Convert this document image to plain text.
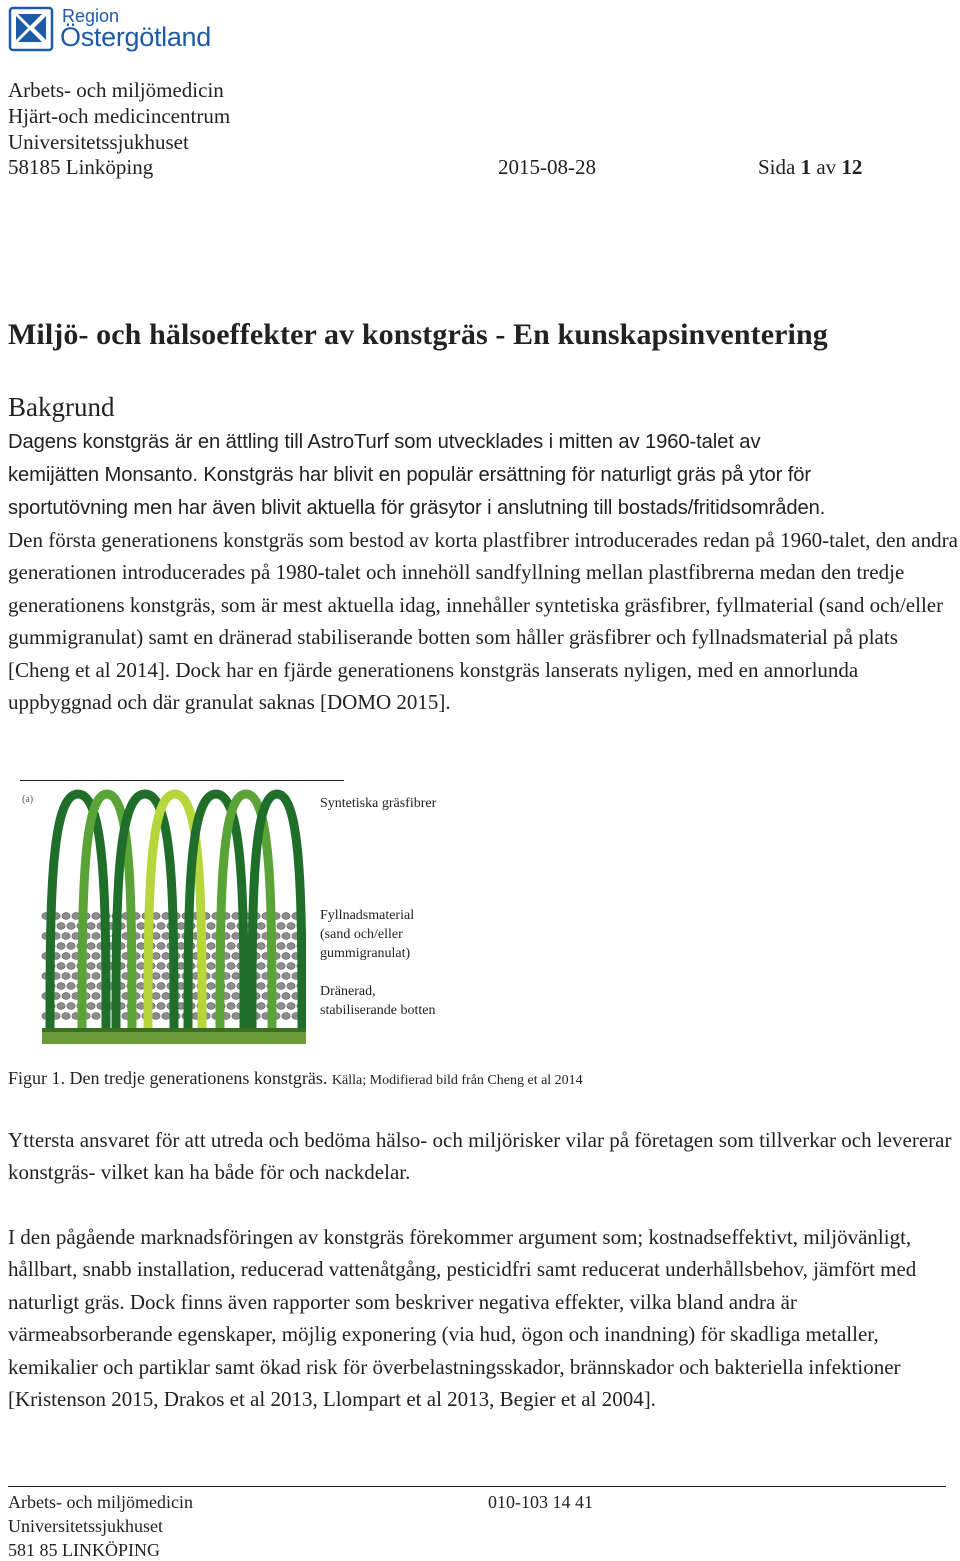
Region
Östergötland
Arbets- och miljömedicin
Hjärt-och medicincentrum
Universitetssjukhuset
58185 Linköping	2015-08-28	Sida 1 av 12
Miljö- och hälsoeffekter av konstgräs - En kunskapsinventering
Bakgrund
Dagens konstgräs är en ättling till AstroTurf som utvecklades i mitten av 1960-talet av
kemijätten Monsanto. Konstgräs har blivit en populär ersättning för naturligt gräs på ytor för
sportutövning men har även blivit aktuella för gräsytor i anslutning till bostads/fritidsområden.
Den första generationens konstgräs som bestod av korta plastfibrer introducerades redan på 1960-talet, den andra generationen introducerades på 1980-talet och innehöll sandfyllning mellan plastfibrerna medan den tredje generationens konstgräs, som är mest aktuella idag, innehåller syntetiska gräsfibrer, fyllmaterial (sand och/eller gummigranulat) samt en dränerad stabiliserande botten som håller gräsfibrer och fyllnadsmaterial på plats [Cheng et al 2014]. Dock har en fjärde generationens konstgräs lanserats nyligen, med en annorlunda uppbyggnad och där granulat saknas [DOMO 2015].
(a)	Syntetiska gräsfibrer
Fyllnadsmaterial
(sand och/eller
gummigranulat)
Dränerad,
stabiliserande botten
Figur 1. Den tredje generationens konstgräs. Källa; Modifierad bild från Cheng et al 2014
Yttersta ansvaret för att utreda och bedöma hälso- och miljörisker vilar på företagen som tillverkar och levererar konstgräs- vilket kan ha både för och nackdelar.
I den pågående marknadsföringen av konstgräs förekommer argument som; kostnadseffektivt, miljövänligt, hållbart, snabb installation, reducerad vattenåtgång, pesticidfri samt reducerat underhållsbehov, jämfört med naturligt gräs. Dock finns även rapporter som beskriver negativa effekter, vilka bland andra är värmeabsorberande egenskaper, möjlig exponering (via hud, ögon och inandning) för skadliga metaller, kemikalier och partiklar samt ökad risk för överbelastningsskador, brännskador och bakteriella infektioner [Kristenson 2015, Drakos et al 2013, Llompart et al 2013, Begier et al 2004].
Arbets- och miljömedicin
Universitetssjukhuset
581 85 LINKÖPING
010-103 14 41
